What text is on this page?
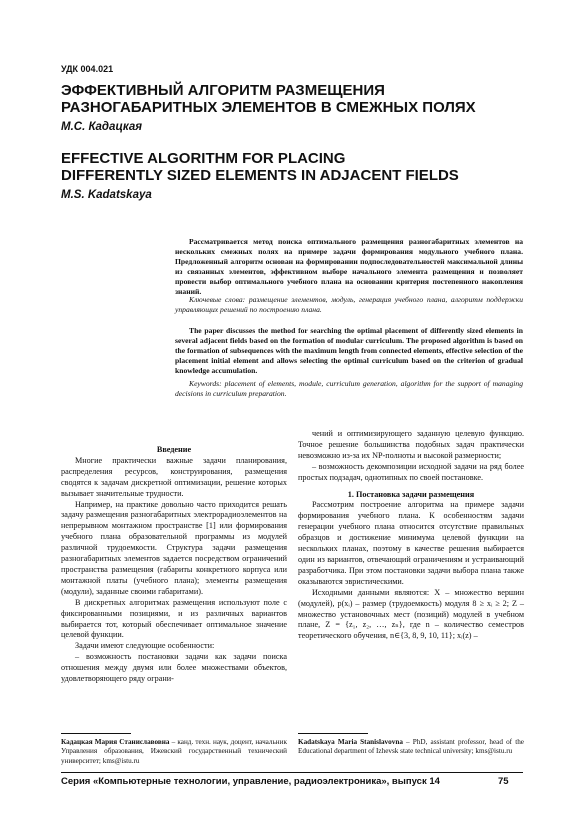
УДК 004.021
ЭФФЕКТИВНЫЙ АЛГОРИТМ РАЗМЕЩЕНИЯ
РАЗНОГАБАРИТНЫХ ЭЛЕМЕНТОВ В СМЕЖНЫХ ПОЛЯХ
М.С. Кадацкая
EFFECTIVE ALGORITHM FOR PLACING
DIFFERENTLY SIZED ELEMENTS IN ADJACENT FIELDS
M.S. Kadatskaya

Рассматривается метод поиска оптимального размещения разногабаритных элементов на нескольких смежных полях на примере задачи формирования модульного учебного плана. Предложенный алгоритм основан на формировании подпоследовательностей максимальной длины из связанных элементов, эффективном выборе начального элемента размещения и позволяет провести выбор оптимального учебного плана на основании критерия постепенного накопления знаний.

Ключевые слова: размещение элементов, модуль, генерация учебного плана, алгоритм поддержки управляющих решений по построению плана.

The paper discusses the method for searching the optimal placement of differently sized elements in several adjacent fields based on the formation of modular curriculum. The proposed algorithm is based on the formation of subsequences with the maximum length from connected elements, effective selection of the placement initial element and allows selecting the optimal curriculum based on the criterion of gradual knowledge accumulation.

Keywords: placement of elements, module, curriculum generation, algorithm for the support of managing decisions in curriculum preparation.

Введение

Многие практически важные задачи планирования, распределения ресурсов, конструирования, размещения сводятся к задачам дискретной оптимизации, решение которых вызывает значительные трудности.

Например, на практике довольно часто приходится решать задачу размещения разногабаритных электрорадиоэлементов на непрерывном монтажном пространстве [1] или формирования учебного плана образовательной программы из модулей различной трудоемкости. Структура задачи размещения разногабаритных элементов задается посредством ограничений пространства размещения (габариты конкретного корпуса или монтажной платы (учебного плана); элементы размещения (модули), заданные своими габаритами).

В дискретных алгоритмах размещения используют поле с фиксированными позициями, и из различных вариантов выбирается тот, который обеспечивает оптимальное значение целевой функции.

Задачи имеют следующие особенности:

– возможность постановки задачи как задачи поиска отношения между двумя или более множествами объектов, удовлетворяющего ряду ограни-

чений и оптимизирующего заданную целевую функцию. Точное решение большинства подобных задач практически невозможно из-за их NP-полноты и высокой размерности;

– возможность декомпозиции исходной задачи на ряд более простых подзадач, однотипных по своей постановке.

1. Постановка задачи размещения

Рассмотрим построение алгоритма на примере задачи формирования учебного плана. К особенностям задачи генерации учебного плана относится отсутствие правильных образцов и достижение минимума целевой функции на нескольких планах, поэтому в качестве решения выбирается один из вариантов, отвечающий ограничениям и устраивающий разработчика. При этом постановки задачи выбора плана также оказываются эвристическими.

Исходными данными являются: X – множество вершин (модулей), p(xᵢ) – размер (трудоемкость) модуля 8 ≥ xᵢ ≥ 2; Z – множество установочных мест (позиций) модулей в учебном плане, Z = {z₁, z₂, …, zₙ}, где n – количество семестров теоретического обучения, n∈{3, 8, 9, 10, 11}; xᵢ(z) –

Кадацкая Мария Станиславовна – канд. техн. наук, доцент, начальник Управления образования, Ижевский государственный технический университет; kms@istu.ru
Kadatskaya Maria Stanislavovna – PhD, assistant professor, head of the Educational department of Izhevsk state technical university; kms@istu.ru
Серия «Компьютерные технологии, управление, радиоэлектроника», выпуск 14	75
